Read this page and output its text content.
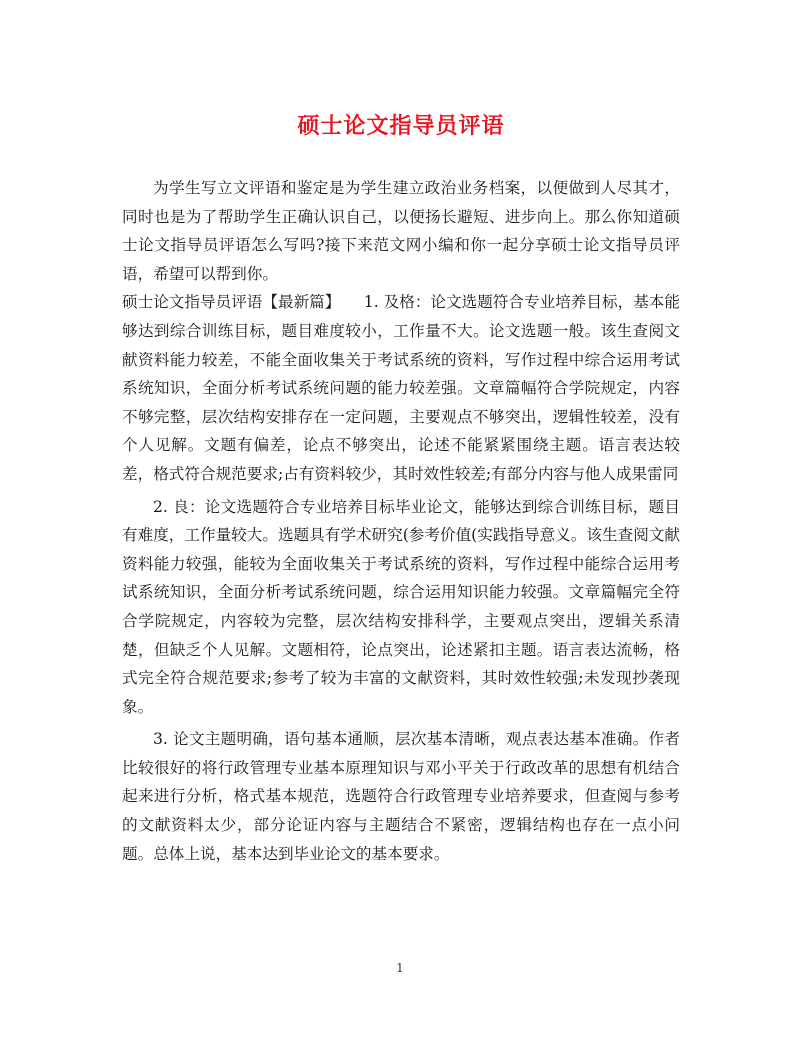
硕士论文指导员评语

为学生写立文评语和鉴定是为学生建立政治业务档案，以便做到人尽其才，同时也是为了帮助学生正确认识自己，以便扬长避短、进步向上。那么你知道硕士论文指导员评语怎么写吗?接下来范文网小编和你一起分享硕士论文指导员评语，希望可以帮到你。

硕士论文指导员评语【最新篇】　　 1. 及格：论文选题符合专业培养目标，基本能够达到综合训练目标，题目难度较小，工作量不大。论文选题一般。该生查阅文献资料能力较差，不能全面收集关于考试系统的资料，写作过程中综合运用考试系统知识，全面分析考试系统问题的能力较差强。文章篇幅符合学院规定，内容不够完整，层次结构安排存在一定问题，主要观点不够突出，逻辑性较差，没有个人见解。文题有偏差，论点不够突出，论述不能紧紧围绕主题。语言表达较差，格式符合规范要求;占有资料较少，其时效性较差;有部分内容与他人成果雷同

2. 良：论文选题符合专业培养目标毕业论文，能够达到综合训练目标，题目有难度，工作量较大。选题具有学术研究(参考价值(实践指导意义。该生查阅文献资料能力较强，能较为全面收集关于考试系统的资料，写作过程中能综合运用考试系统知识，全面分析考试系统问题，综合运用知识能力较强。文章篇幅完全符合学院规定，内容较为完整，层次结构安排科学，主要观点突出，逻辑关系清楚，但缺乏个人见解。文题相符，论点突出，论述紧扣主题。语言表达流畅，格式完全符合规范要求;参考了较为丰富的文献资料，其时效性较强;未发现抄袭现象。

3. 论文主题明确，语句基本通顺，层次基本清晰，观点表达基本准确。作者比较很好的将行政管理专业基本原理知识与邓小平关于行政改革的思想有机结合起来进行分析，格式基本规范，选题符合行政管理专业培养要求，但查阅与参考的文献资料太少，部分论证内容与主题结合不紧密，逻辑结构也存在一点小问题。总体上说，基本达到毕业论文的基本要求。

1
